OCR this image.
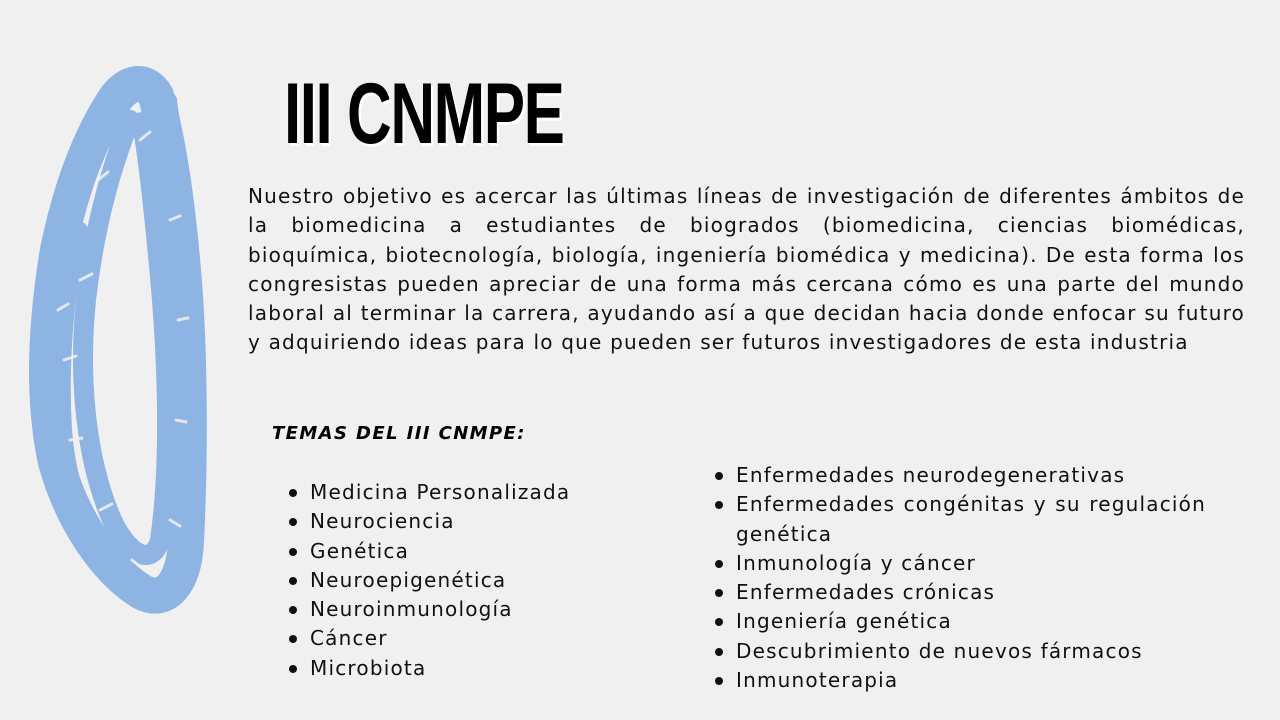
III CNMPE

Nuestro objetivo es acercar las últimas líneas de investigación de diferentes ámbitos de la biomedicina a estudiantes de biogrados (biomedicina, ciencias biomédicas, bioquímica, biotecnología, biología, ingeniería biomédica y medicina). De esta forma los congresistas pueden apreciar de una forma más cercana cómo es una parte del mundo laboral al terminar la carrera, ayudando así a que decidan hacia donde enfocar su futuro y adquiriendo ideas para lo que pueden ser futuros investigadores de esta industria

TEMAS DEL III CNMPE:
Medicina Personalizada
Neurociencia
Genética
Neuroepigenética
Neuroinmunología
Cáncer
Microbiota
Enfermedades neurodegenerativas
Enfermedades congénitas y su regulación genética
Inmunología y cáncer
Enfermedades crónicas
Ingeniería genética
Descubrimiento de nuevos fármacos
Inmunoterapia
